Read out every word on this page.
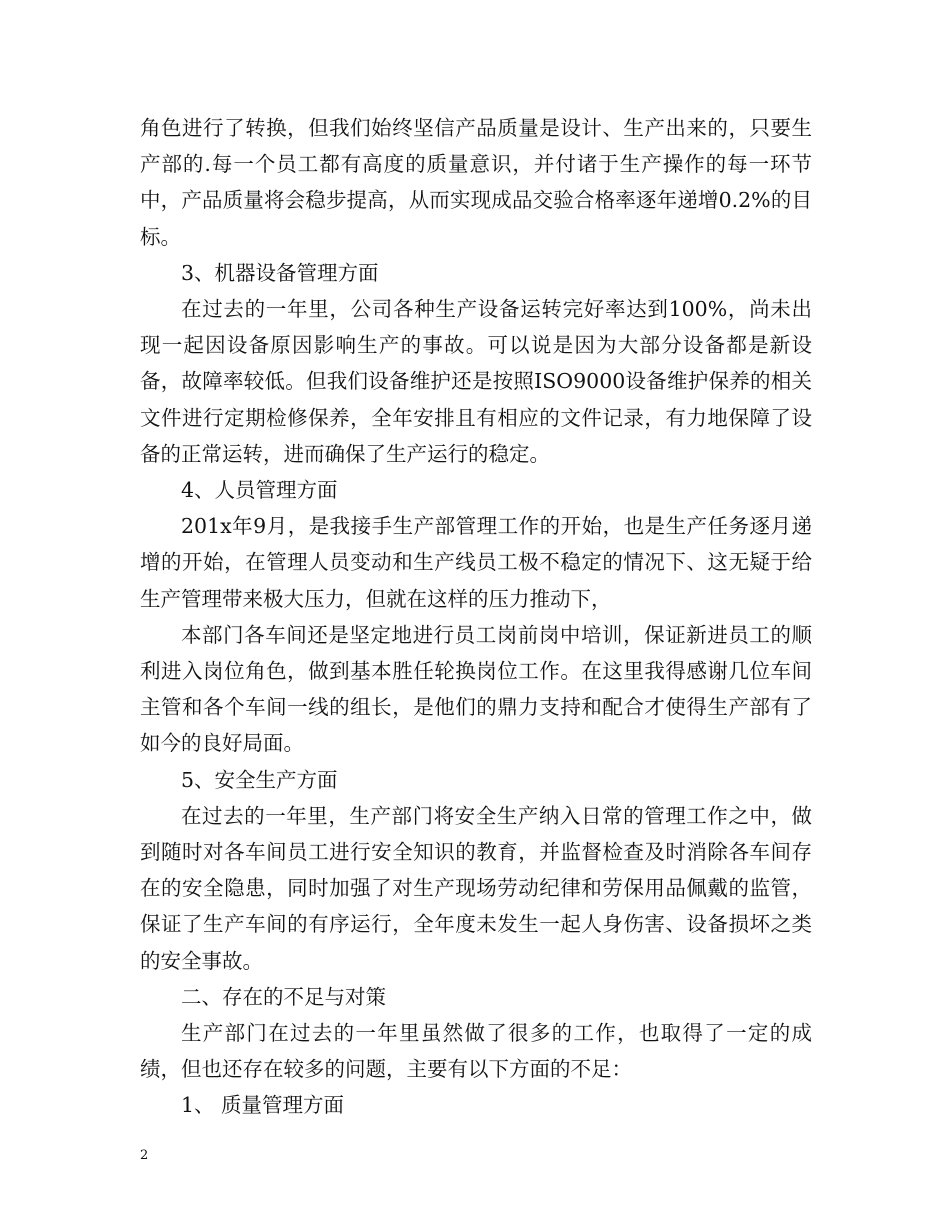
角色进行了转换，但我们始终坚信产品质量是设计、生产出来的，只要生产部的.每一个员工都有高度的质量意识，并付诸于生产操作的每一环节中，产品质量将会稳步提高，从而实现成品交验合格率逐年递增0.2%的目标。

3、机器设备管理方面

在过去的一年里，公司各种生产设备运转完好率达到100%，尚未出现一起因设备原因影响生产的事故。可以说是因为大部分设备都是新设备，故障率较低。但我们设备维护还是按照ISO9000设备维护保养的相关文件进行定期检修保养，全年安排且有相应的文件记录，有力地保障了设备的正常运转，进而确保了生产运行的稳定。

4、人员管理方面

201x年9月，是我接手生产部管理工作的开始，也是生产任务逐月递增的开始，在管理人员变动和生产线员工极不稳定的情况下、这无疑于给生产管理带来极大压力，但就在这样的压力推动下，

本部门各车间还是坚定地进行员工岗前岗中培训，保证新进员工的顺利进入岗位角色，做到基本胜任轮换岗位工作。在这里我得感谢几位车间主管和各个车间一线的组长，是他们的鼎力支持和配合才使得生产部有了如今的良好局面。

5、安全生产方面

在过去的一年里，生产部门将安全生产纳入日常的管理工作之中，做到随时对各车间员工进行安全知识的教育，并监督检查及时消除各车间存在的安全隐患，同时加强了对生产现场劳动纪律和劳保用品佩戴的监管，保证了生产车间的有序运行，全年度未发生一起人身伤害、设备损坏之类的安全事故。

二、存在的不足与对策

生产部门在过去的一年里虽然做了很多的工作，也取得了一定的成绩，但也还存在较多的问题，主要有以下方面的不足：

1、 质量管理方面

2
